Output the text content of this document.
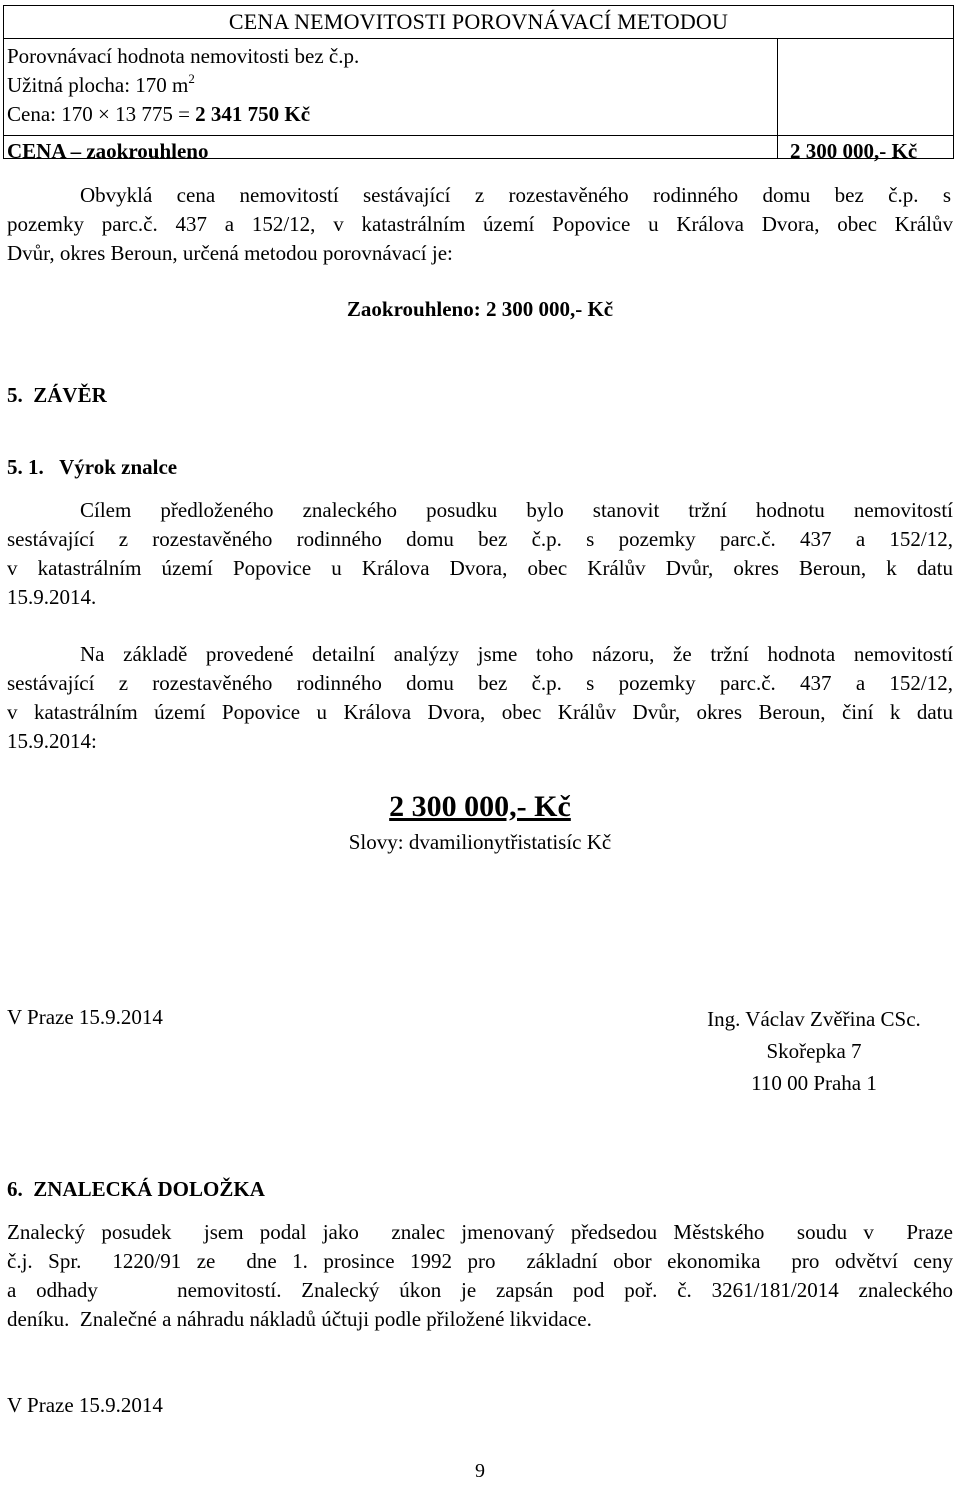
CENA NEMOVITOSTI POROVNÁVACÍ METODOU
Porovnávací hodnota nemovitosti bez č.p.
Užitná plocha: 170 $m^2$
Cena: 170 × 13 775 = 2 341 750 Kč
CENA – zaokrouhleno	2 300 000,- Kč
Obvyklá cena nemovitostí sestávající z rozestavěného rodinného domu bez č.p. s
pozemky parc.č. 437 a 152/12, v katastrálním území Popovice u Králova Dvora, obec Králův
Dvůr, okres Beroun, určená metodou porovnávací je:
Zaokrouhleno: 2 300 000,- Kč
5.  ZÁVĚR
5. 1.   Výrok znalce
Cílem předloženého znaleckého posudku bylo stanovit tržní hodnotu nemovitostí
sestávající z rozestavěného rodinného domu bez č.p. s pozemky parc.č. 437 a 152/12,
v katastrálním území Popovice u Králova Dvora, obec Králův Dvůr, okres Beroun, k datu
15.9.2014.
Na základě provedené detailní analýzy jsme toho názoru, že tržní hodnota nemovitostí
sestávající z rozestavěného rodinného domu bez č.p. s pozemky parc.č. 437 a 152/12,
v katastrálním území Popovice u Králova Dvora, obec Králův Dvůr, okres Beroun, činí k datu
15.9.2014:
2 300 000,- Kč
Slovy: dvamilionytřistatisíc Kč
V Praze 15.9.2014	Ing. Václav Zvěřina CSc.
Skořepka 7
110 00 Praha 1
6.  ZNALECKÁ DOLOŽKA
Znalecký posudek  jsem podal jako  znalec jmenovaný předsedou Městského  soudu v  Praze
č.j. Spr.  1220/91 ze  dne 1. prosince 1992 pro  základní obor ekonomika  pro odvětví ceny
a odhady    nemovitostí. Znalecký úkon je zapsán pod poř. č. 3261/181/2014 znaleckého
deníku.  Znalečné a náhradu nákladů účtuji podle přiložené likvidace.
V Praze 15.9.2014
9
